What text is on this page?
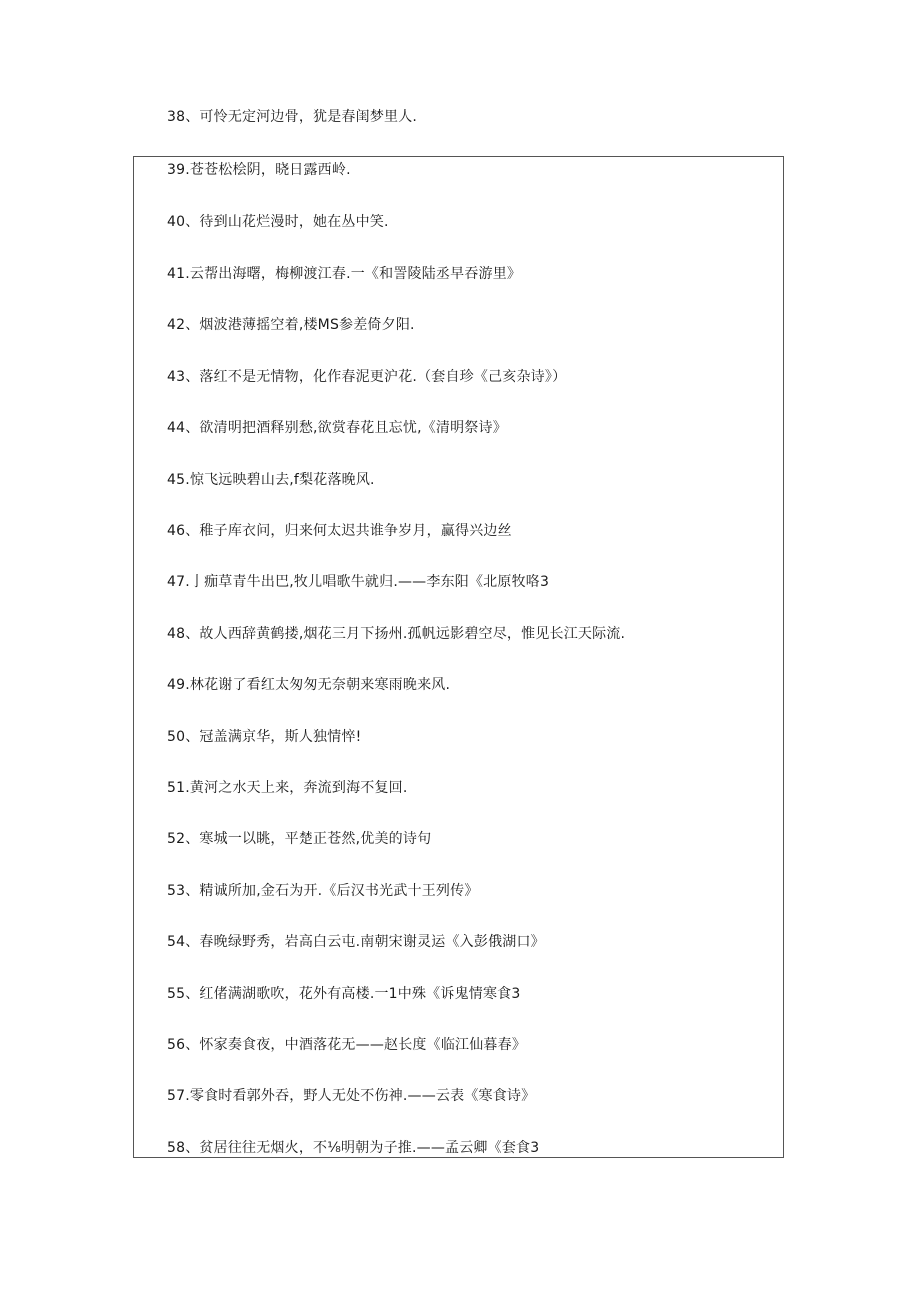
38、可怜无定河边骨，犹是春闺梦里人.
39.苍苍松桧阴，晓日露西岭.
40、待到山花烂漫时，她在丛中笑.
41.云帮出海曙，梅柳渡江春.一《和詈陵陆丞早吞游里》
42、烟波港薄摇空着,楼MS参差倚夕阳.
43、落红不是无情物，化作春泥更沪花.（套自珍《己亥杂诗》）
44、欲清明把酒释别愁,欲赏春花且忘忧,《清明祭诗》
45.惊飞远映碧山去,f梨花落晚风.
46、稚子库衣问，归来何太迟共谁争岁月，赢得兴边丝
47.亅痂草青牛出巴,牧儿唱歌牛就归.——李东阳《北原牧咯3
48、故人西辞黄鹤搂,烟花三月下扬州.孤帆远影碧空尽，惟见长江天际流.
49.林花谢了看红太匆匆无奈朝来寒雨晚来风.
50、冠盖满京华，斯人独情悴!
51.黄河之水天上来，奔流到海不复回.
52、寒城一以眺，平楚正苍然,优美的诗句
53、精诚所加,金石为开.《后汉书光武十王列传》
54、春晚绿野秀，岩高白云屯.南朝宋谢灵运《入彭俄湖口》
55、红偖满湖歌吹，花外有高楼.一1中殊《诉鬼情寒食3
56、怀家奏食夜，中酒落花无——赵长度《临江仙暮春》
57.零食时看郭外吞，野人无处不伤神.——云表《寒食诗》
58、贫居往往无烟火，不⅛明朝为子推.——孟云卿《套食3
